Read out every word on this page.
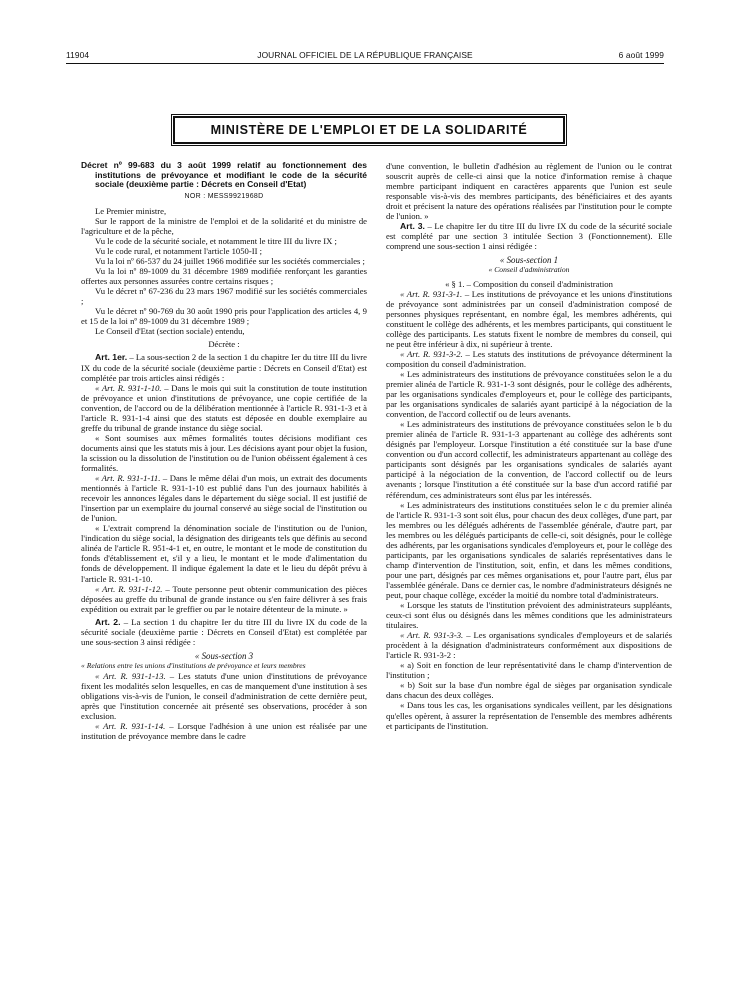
11904	JOURNAL OFFICIEL DE LA RÉPUBLIQUE FRANÇAISE	6 août 1999
MINISTÈRE DE L'EMPLOI ET DE LA SOLIDARITÉ

Décret nº 99-683 du 3 août 1999 relatif au fonctionnement des institutions de prévoyance et modifiant le code de la sécurité sociale (deuxième partie : Décrets en Conseil d'Etat)

NOR : MESS9921968D

Le Premier ministre,

Sur le rapport de la ministre de l'emploi et de la solidarité et du ministre de l'agriculture et de la pêche,

Vu le code de la sécurité sociale, et notamment le titre III du livre IX ;

Vu le code rural, et notamment l'article 1050-II ;

Vu la loi nº 66-537 du 24 juillet 1966 modifiée sur les sociétés commerciales ;

Vu la loi nº 89-1009 du 31 décembre 1989 modifiée renforçant les garanties offertes aux personnes assurées contre certains risques ;

Vu le décret nº 67-236 du 23 mars 1967 modifié sur les sociétés commerciales ;

Vu le décret nº 90-769 du 30 août 1990 pris pour l'application des articles 4, 9 et 15 de la loi nº 89-1009 du 31 décembre 1989 ;

Le Conseil d'Etat (section sociale) entendu,

Décrète :

Art. 1er. – La sous-section 2 de la section 1 du chapitre Ier du titre III du livre IX du code de la sécurité sociale (deuxième partie : Décrets en Conseil d'Etat) est complétée par trois articles ainsi rédigés :

« Art. R. 931-1-10. – Dans le mois qui suit la constitution de toute institution de prévoyance et union d'institutions de prévoyance, une copie certifiée de la convention, de l'accord ou de la délibération mentionnée à l'article R. 931-1-3 et à l'article R. 931-1-4 ainsi que des statuts est déposée en double exemplaire au greffe du tribunal de grande instance du siège social.

« Sont soumises aux mêmes formalités toutes décisions modifiant ces documents ainsi que les statuts mis à jour. Les décisions ayant pour objet la fusion, la scission ou la dissolution de l'institution ou de l'union obéissent également à ces formalités.

« Art. R. 931-1-11. – Dans le même délai d'un mois, un extrait des documents mentionnés à l'article R. 931-1-10 est publié dans l'un des journaux habilités à recevoir les annonces légales dans le département du siège social. Il est justifié de l'insertion par un exemplaire du journal conservé au siège social de l'institution ou de l'union.

« L'extrait comprend la dénomination sociale de l'institution ou de l'union, l'indication du siège social, la désignation des dirigeants tels que définis au second alinéa de l'article R. 951-4-1 et, en outre, le montant et le mode de constitution du fonds d'établissement et, s'il y a lieu, le montant et le mode d'alimentation du fonds de développement. Il indique également la date et le lieu du dépôt prévu à l'article R. 931-1-10.

« Art. R. 931-1-12. – Toute personne peut obtenir communication des pièces déposées au greffe du tribunal de grande instance ou s'en faire délivrer à ses frais expédition ou extrait par le greffier ou par le notaire détenteur de la minute. »

Art. 2. – La section 1 du chapitre Ier du titre III du livre IX du code de la sécurité sociale (deuxième partie : Décrets en Conseil d'Etat) est complétée par une sous-section 3 ainsi rédigée :

« Sous-section 3

« Relations entre les unions d'institutions de prévoyance et leurs membres

« Art. R. 931-1-13. – Les statuts d'une union d'institutions de prévoyance fixent les modalités selon lesquelles, en cas de manquement d'une institution à ses obligations vis-à-vis de l'union, le conseil d'administration de cette dernière peut, après que l'institution concernée ait présenté ses observations, procéder à son exclusion.

« Art. R. 931-1-14. – Lorsque l'adhésion à une union est réalisée par une institution de prévoyance membre dans le cadre

d'une convention, le bulletin d'adhésion au règlement de l'union ou le contrat souscrit auprès de celle-ci ainsi que la notice d'information remise à chaque membre participant indiquent en caractères apparents que l'union est seule responsable vis-à-vis des membres participants, des bénéficiaires et des ayants droit et précisent la nature des opérations réalisées par l'institution pour le compte de l'union. »

Art. 3. – Le chapitre Ier du titre III du livre IX du code de la sécurité sociale est complété par une section 3 intitulée Section 3 (Fonctionnement). Elle comprend une sous-section 1 ainsi rédigée :

« Sous-section 1

« Conseil d'administration

« § 1. – Composition du conseil d'administration

« Art. R. 931-3-1. – Les institutions de prévoyance et les unions d'institutions de prévoyance sont administrées par un conseil d'administration composé de personnes physiques représentant, en nombre égal, les membres adhérents, qui constituent le collège des adhérents, et les membres participants, qui constituent le collège des participants. Les statuts fixent le nombre de membres du conseil, qui ne peut être inférieur à dix, ni supérieur à trente.

« Art. R. 931-3-2. – Les statuts des institutions de prévoyance déterminent la composition du conseil d'administration.

« Les administrateurs des institutions de prévoyance constituées selon le a du premier alinéa de l'article R. 931-1-3 sont désignés, pour le collège des adhérents, par les organisations syndicales d'employeurs et, pour le collège des participants, par les organisations syndicales de salariés ayant participé à la négociation de la convention, de l'accord collectif ou de leurs avenants.

« Les administrateurs des institutions de prévoyance constituées selon le b du premier alinéa de l'article R. 931-1-3 appartenant au collège des adhérents sont désignés par l'employeur. Lorsque l'institution a été constituée sur la base d'une convention ou d'un accord collectif, les administrateurs appartenant au collège des participants sont désignés par les organisations syndicales de salariés ayant participé à la négociation de la convention, de l'accord collectif ou de leurs avenants ; lorsque l'institution a été constituée sur la base d'un accord ratifié par référendum, ces administrateurs sont élus par les intéressés.

« Les administrateurs des institutions constituées selon le c du premier alinéa de l'article R. 931-1-3 sont soit élus, pour chacun des deux collèges, d'une part, par les membres ou les délégués adhérents de l'assemblée générale, d'autre part, par les membres ou les délégués participants de celle-ci, soit désignés, pour le collège des adhérents, par les organisations syndicales d'employeurs et, pour le collège des participants, par les organisations syndicales de salariés représentatives dans le champ d'intervention de l'institution, soit, enfin, et dans les mêmes conditions, pour une part, désignés par ces mêmes organisations et, pour l'autre part, élus par l'assemblée générale. Dans ce dernier cas, le nombre d'administrateurs désignés ne peut, pour chaque collège, excéder la moitié du nombre total d'administrateurs.

« Lorsque les statuts de l'institution prévoient des administrateurs suppléants, ceux-ci sont élus ou désignés dans les mêmes conditions que les administrateurs titulaires.

« Art. R. 931-3-3. – Les organisations syndicales d'employeurs et de salariés procèdent à la désignation d'administrateurs conformément aux dispositions de l'article R. 931-3-2 :

« a) Soit en fonction de leur représentativité dans le champ d'intervention de l'institution ;

« b) Soit sur la base d'un nombre égal de sièges par organisation syndicale dans chacun des deux collèges.

« Dans tous les cas, les organisations syndicales veillent, par les désignations qu'elles opèrent, à assurer la représentation de l'ensemble des membres adhérents et participants de l'institution.
